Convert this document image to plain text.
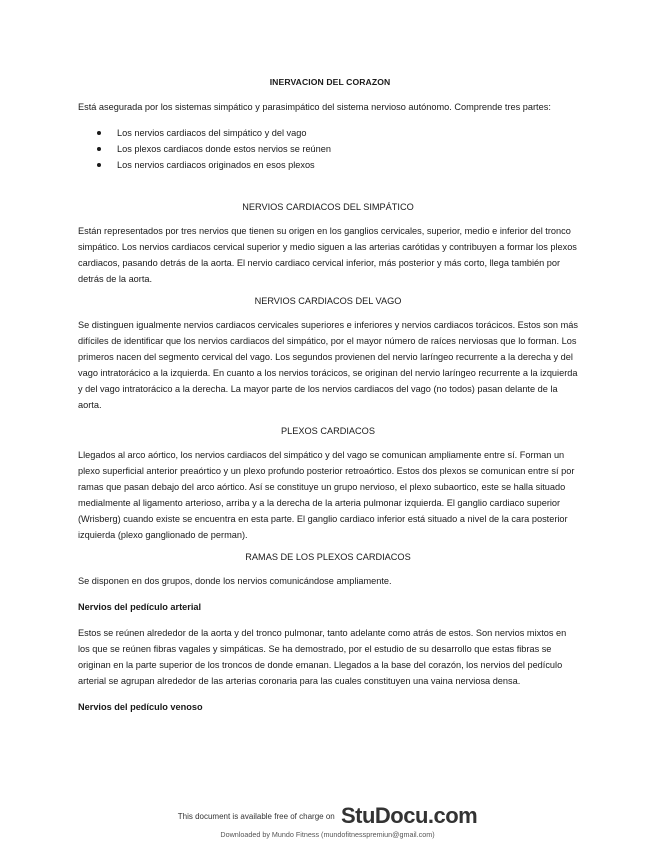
INERVACION DEL CORAZON

Está asegurada por los sistemas simpático y parasimpático del sistema nervioso autónomo. Comprende tres partes:

Los nervios cardiacos del simpático y del vago
Los plexos cardiacos donde estos nervios se reúnen
Los nervios cardiacos originados en esos plexos
NERVIOS CARDIACOS DEL SIMPÁTICO

Están representados por tres nervios que tienen su origen en los ganglios cervicales, superior, medio e inferior del tronco simpático. Los nervios cardiacos cervical superior y medio siguen a las arterias carótidas y contribuyen a formar los plexos cardiacos, pasando detrás de la aorta. El nervio cardiaco cervical inferior, más posterior y más corto, llega también por detrás de la aorta.

NERVIOS CARDIACOS DEL VAGO

Se distinguen igualmente nervios cardiacos cervicales superiores e inferiores y nervios cardiacos torácicos. Estos son más difíciles de identificar que los nervios cardiacos del simpático, por el mayor número de raíces nerviosas que lo forman. Los primeros nacen del segmento cervical del vago. Los segundos provienen del nervio laríngeo recurrente a la derecha y del vago intratorácico a la izquierda. En cuanto a los nervios torácicos, se originan del nervio laríngeo recurrente a la izquierda y del vago intratorácico a la derecha. La mayor parte de los nervios cardiacos del vago (no todos) pasan delante de la aorta.

PLEXOS CARDIACOS

Llegados al arco aórtico, los nervios cardiacos del simpático y del vago se comunican ampliamente entre sí. Forman un plexo superficial anterior preaórtico y un plexo profundo posterior retroaórtico. Estos dos plexos se comunican entre sí por ramas que pasan debajo del arco aórtico. Así se constituye un grupo nervioso, el plexo subaortico, este se halla situado medialmente al ligamento arterioso, arriba y a la derecha de la arteria pulmonar izquierda. El ganglio cardiaco superior (Wrisberg) cuando existe se encuentra en esta parte. El ganglio cardiaco inferior está situado a nivel de la cara posterior izquierda (plexo ganglionado de perman).

RAMAS DE LOS PLEXOS CARDIACOS

Se disponen en dos grupos, donde los nervios comunicándose ampliamente.

Nervios del pedículo arterial

Estos se reúnen alrededor de la aorta y del tronco pulmonar, tanto adelante como atrás de estos. Son nervios mixtos en los que se reúnen fibras vagales y simpáticas. Se ha demostrado, por el estudio de su desarrollo que estas fibras se originan en la parte superior de los troncos de donde emanan. Llegados a la base del corazón, los nervios del pedículo arterial se agrupan alrededor de las arterias coronaria para las cuales constituyen una vaina nerviosa densa.

Nervios del pedículo venoso
This document is available free of charge on StuDocu.com
Downloaded by Mundo Fitness (mundofitnesspremiun@gmail.com)
